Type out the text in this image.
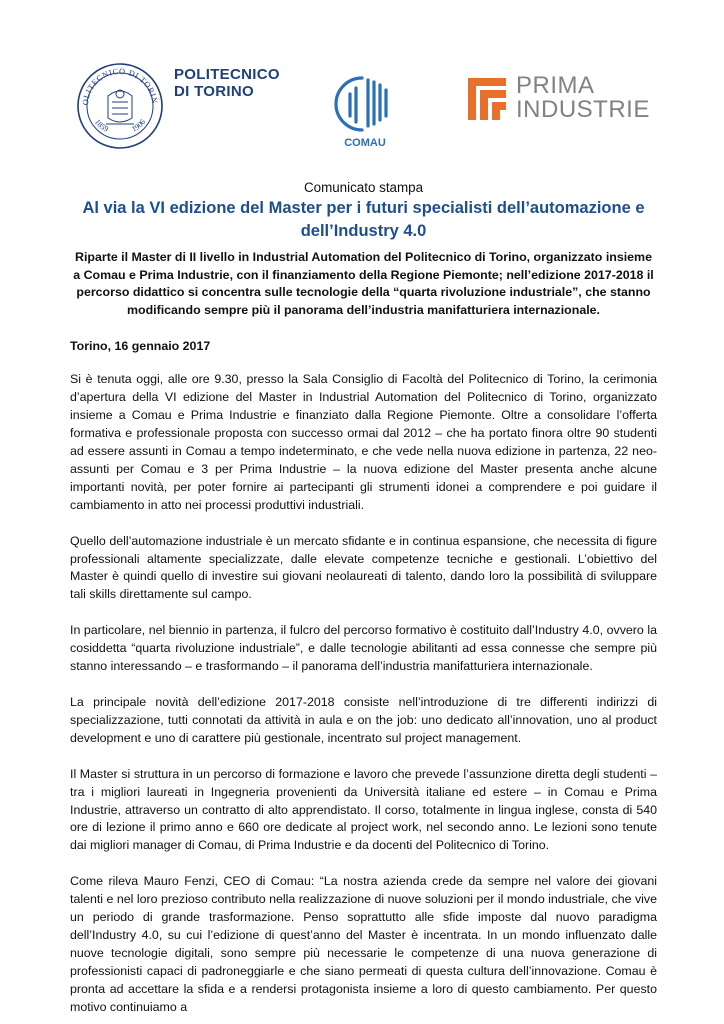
OLITECNICO DI TORIN
1859	1906
POLITECNICO
DI TORINO
COMAU
PRIMA
INDUSTRIE

Comunicato stampa

Al via la VI edizione del Master per i futuri specialisti dell’automazione e dell’Industry 4.0

Riparte il Master di II livello in Industrial Automation del Politecnico di Torino, organizzato insieme a Comau e Prima Industrie, con il finanziamento della Regione Piemonte; nell’edizione 2017-2018 il percorso didattico si concentra sulle tecnologie della “quarta rivoluzione industriale”, che stanno modificando sempre più il panorama dell’industria manifatturiera internazionale.

Torino, 16 gennaio 2017

Si è tenuta oggi, alle ore 9.30, presso la Sala Consiglio di Facoltà del Politecnico di Torino, la cerimonia d’apertura della VI edizione del Master in Industrial Automation del Politecnico di Torino, organizzato insieme a Comau e Prima Industrie e finanziato dalla Regione Piemonte. Oltre a consolidare l’offerta formativa e professionale proposta con successo ormai dal 2012 – che ha portato finora oltre 90 studenti ad essere assunti in Comau a tempo indeterminato, e che vede nella nuova edizione in partenza, 22 neo-assunti per Comau e 3 per Prima Industrie – la nuova edizione del Master presenta anche alcune importanti novità, per poter fornire ai partecipanti gli strumenti idonei a comprendere e poi guidare il cambiamento in atto nei processi produttivi industriali.

Quello dell’automazione industriale è un mercato sfidante e in continua espansione, che necessita di figure professionali altamente specializzate, dalle elevate competenze tecniche e gestionali. L’obiettivo del Master è quindi quello di investire sui giovani neolaureati di talento, dando loro la possibilità di sviluppare tali skills direttamente sul campo.

In particolare, nel biennio in partenza, il fulcro del percorso formativo è costituito dall’Industry 4.0, ovvero la cosiddetta “quarta rivoluzione industriale”, e dalle tecnologie abilitanti ad essa connesse che sempre più stanno interessando – e trasformando – il panorama dell’industria manifatturiera internazionale.

La principale novità dell’edizione 2017-2018 consiste nell’introduzione di tre differenti indirizzi di specializzazione, tutti connotati da attività in aula e on the job: uno dedicato all’innovation, uno al product development e uno di carattere più gestionale, incentrato sul project management.

Il Master si struttura in un percorso di formazione e lavoro che prevede l’assunzione diretta degli studenti – tra i migliori laureati in Ingegneria provenienti da Università italiane ed estere – in Comau e Prima Industrie, attraverso un contratto di alto apprendistato. Il corso, totalmente in lingua inglese, consta di 540 ore di lezione il primo anno e 660 ore dedicate al project work, nel secondo anno. Le lezioni sono tenute dai migliori manager di Comau, di Prima Industrie e da docenti del Politecnico di Torino.

Come rileva Mauro Fenzi, CEO di Comau: “La nostra azienda crede da sempre nel valore dei giovani talenti e nel loro prezioso contributo nella realizzazione di nuove soluzioni per il mondo industriale, che vive un periodo di grande trasformazione. Penso soprattutto alle sfide imposte dal nuovo paradigma dell’Industry 4.0, su cui l’edizione di quest’anno del Master è incentrata. In un mondo influenzato dalle nuove tecnologie digitali, sono sempre più necessarie le competenze di una nuova generazione di professionisti capaci di padroneggiarle e che siano permeati di questa cultura dell’innovazione. Comau è pronta ad accettare la sfida e a rendersi protagonista insieme a loro di questo cambiamento. Per questo motivo continuiamo a
